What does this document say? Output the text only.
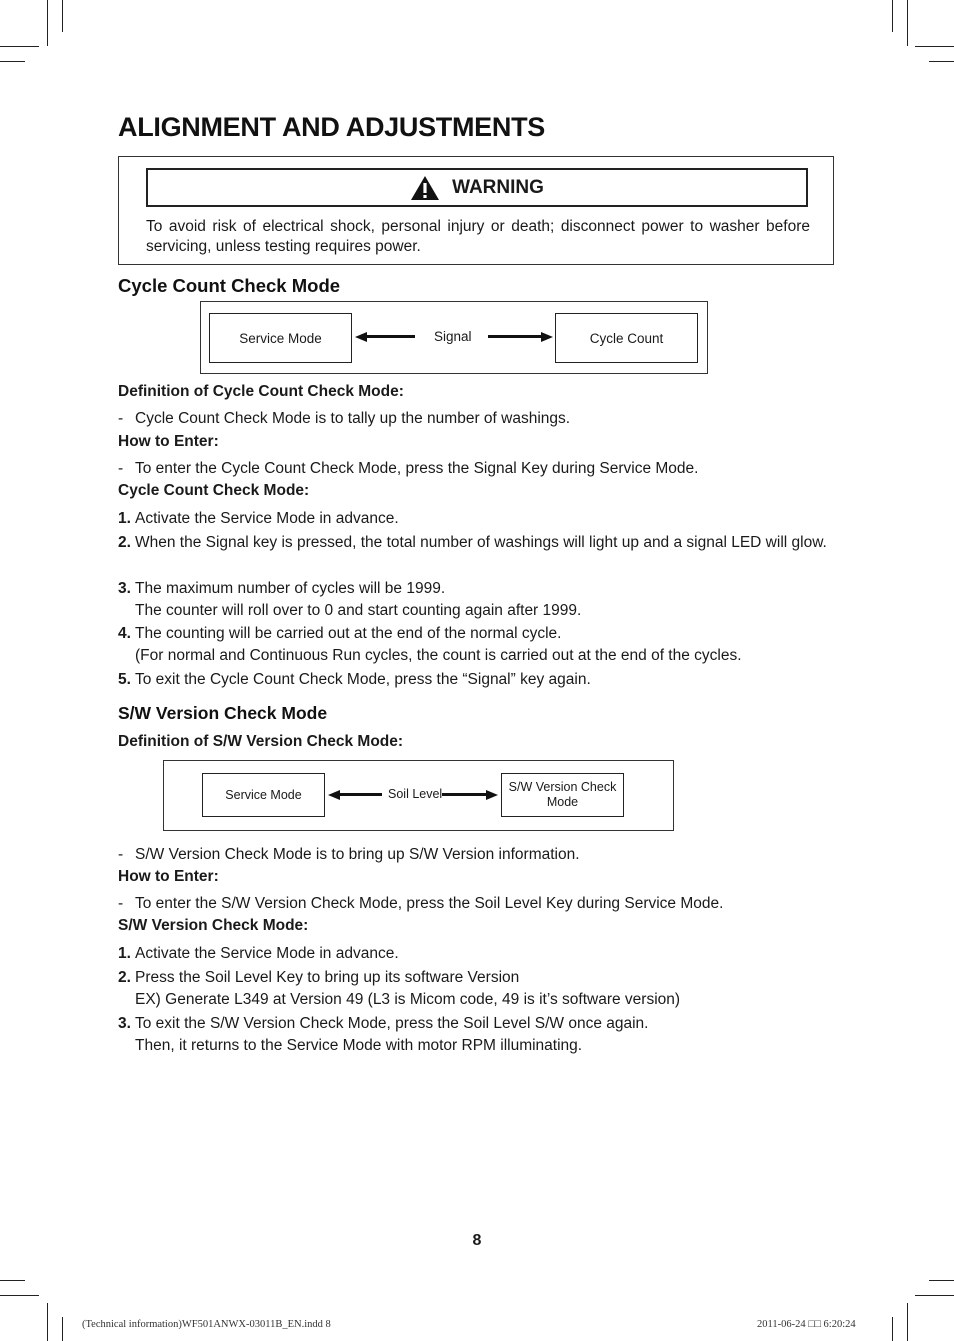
ALIGNMENT AND ADJUSTMENTS
WARNING
To avoid risk of electrical shock, personal injury or death; disconnect power to washer before servicing, unless testing requires power.
Cycle Count Check Mode
Service Mode	Signal	Cycle Count
Definition of Cycle Count Check Mode:
- Cycle Count Check Mode is to tally up the number of washings.
How to Enter:
- To enter the Cycle Count Check Mode, press the Signal Key during Service Mode.
Cycle Count Check Mode:
1. Activate the Service Mode in advance.
2. When the Signal key is pressed, the total number of washings will light up and a signal LED will glow.
3. The maximum number of cycles will be 1999.
The counter will roll over to 0 and start counting again after 1999.
4. The counting will be carried out at the end of the normal cycle.
(For normal and Continuous Run cycles, the count is carried out at the end of the cycles.
5. To exit the Cycle Count Check Mode, press the “Signal” key again.
S/W Version Check Mode
Definition of S/W Version Check Mode:
Service Mode	Soil Level	S/W Version Check Mode
- S/W Version Check Mode is to bring up S/W Version information.
How to Enter:
- To enter the S/W Version Check Mode, press the Soil Level Key during Service Mode.
S/W Version Check Mode:
1. Activate the Service Mode in advance.
2. Press the Soil Level Key to bring up its software Version
EX) Generate L349 at Version 49 (L3 is Micom code, 49 is it’s software version)
3. To exit the S/W Version Check Mode, press the Soil Level S/W once again.
Then, it returns to the Service Mode with motor RPM illuminating.
8
(Technical information)WF501ANWX-03011B_EN.indd 8	2011-06-24 □□ 6:20:24
